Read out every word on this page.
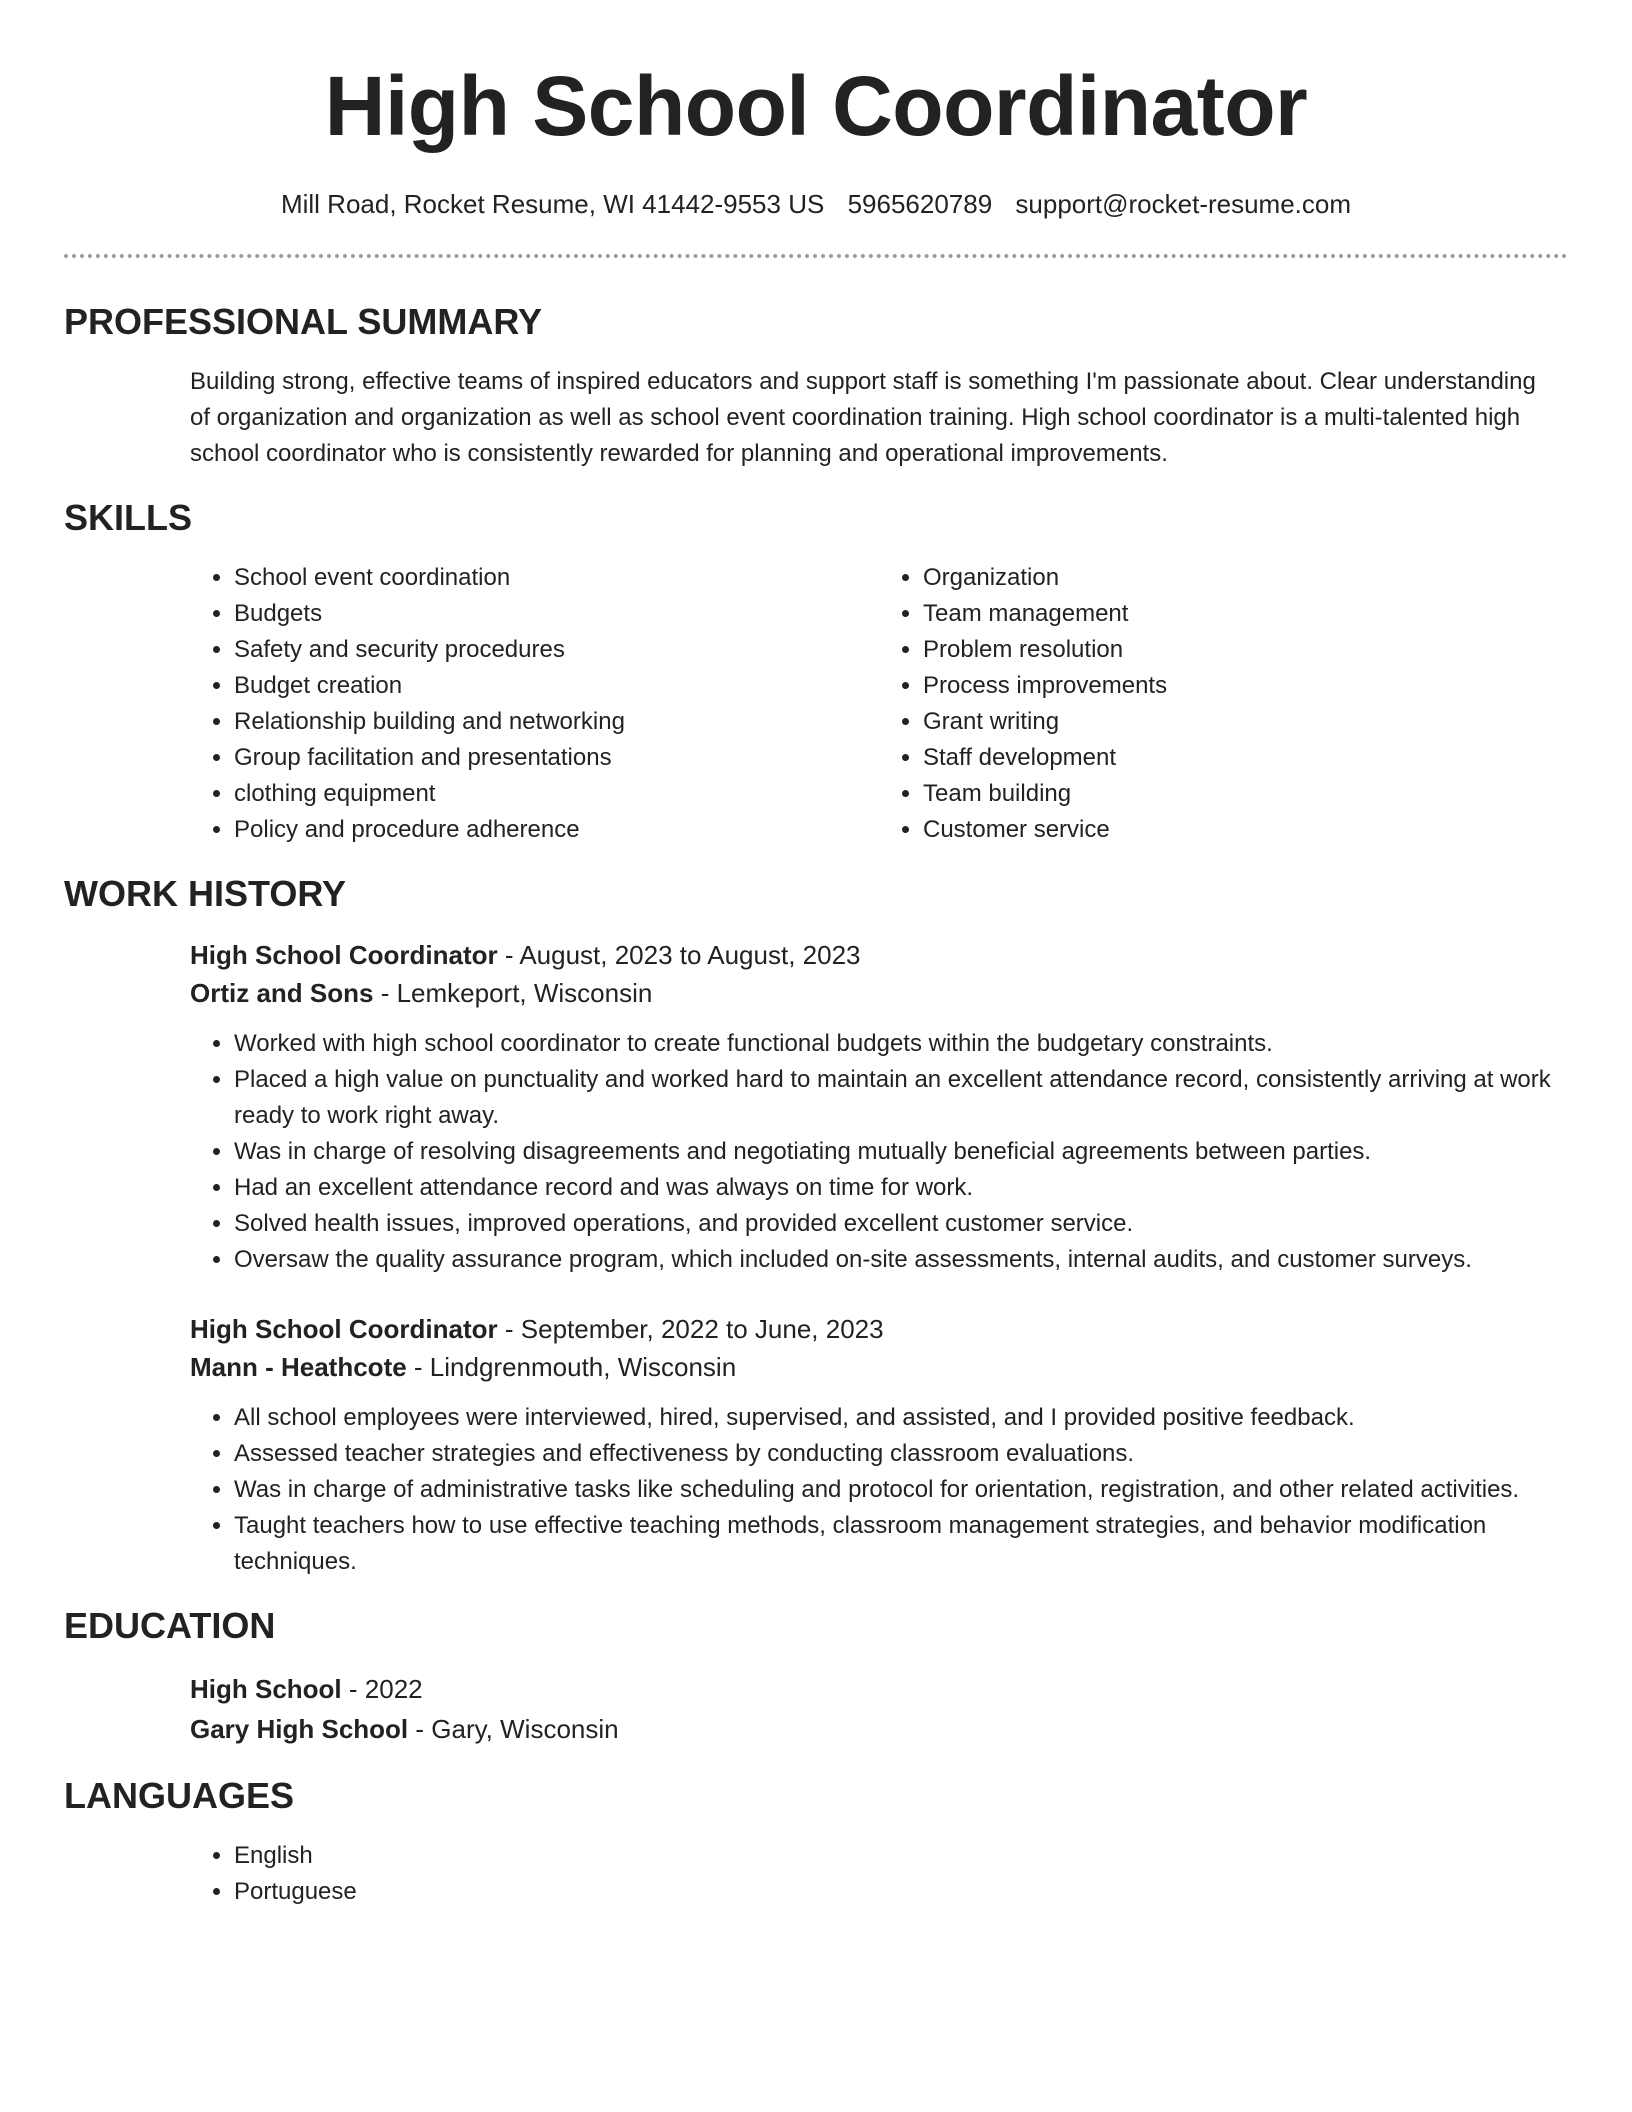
High School Coordinator
Mill Road, Rocket Resume, WI 41442-9553 US 5965620789 support@rocket-resume.com
PROFESSIONAL SUMMARY

Building strong, effective teams of inspired educators and support staff is something I'm passionate about. Clear understanding of organization and organization as well as school event coordination training. High school coordinator is a multi-talented high school coordinator who is consistently rewarded for planning and operational improvements.

SKILLS
• School event coordination
• Budgets
• Safety and security procedures
• Budget creation
• Relationship building and networking
• Group facilitation and presentations
• clothing equipment
• Policy and procedure adherence
• Organization
• Team management
• Problem resolution
• Process improvements
• Grant writing
• Staff development
• Team building
• Customer service
WORK HISTORY
High School Coordinator - August, 2023 to August, 2023
Ortiz and Sons - Lemkeport, Wisconsin
• Worked with high school coordinator to create functional budgets within the budgetary constraints.
• Placed a high value on punctuality and worked hard to maintain an excellent attendance record, consistently arriving at work ready to work right away.
• Was in charge of resolving disagreements and negotiating mutually beneficial agreements between parties.
• Had an excellent attendance record and was always on time for work.
• Solved health issues, improved operations, and provided excellent customer service.
• Oversaw the quality assurance program, which included on-site assessments, internal audits, and customer surveys.
High School Coordinator - September, 2022 to June, 2023
Mann - Heathcote - Lindgrenmouth, Wisconsin
• All school employees were interviewed, hired, supervised, and assisted, and I provided positive feedback.
• Assessed teacher strategies and effectiveness by conducting classroom evaluations.
• Was in charge of administrative tasks like scheduling and protocol for orientation, registration, and other related activities.
• Taught teachers how to use effective teaching methods, classroom management strategies, and behavior modification techniques.
EDUCATION
High School - 2022
Gary High School - Gary, Wisconsin
LANGUAGES
• English
• Portuguese
